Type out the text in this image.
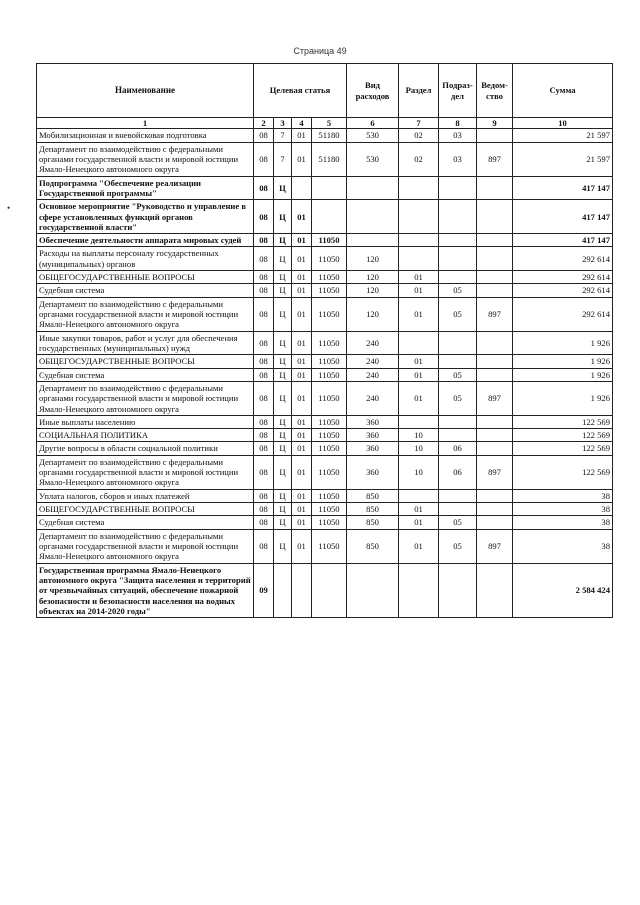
Страница 49
•
Наименование	Целевая статья				Вид расходов	Раздел	Подраз-дел	Ведом-ство	Сумма
1	2	3	4	5	6	7	8	9	10
Мобилизационная и вневойсковая подготовка	08	7	01	51180	530	02	03		21 597
Департамент по взаимодействию с федеральными органами государственной власти и мировой юстиции Ямало-Ненецкого автономного округа	08	7	01	51180	530	02	03	897	21 597
Подпрограмма "Обеспечение реализации Государственной программы"	08	Ц							417 147
Основное мероприятие "Руководство и управление в сфере установленных функций органов государственной власти"	08	Ц	01						417 147
Обеспечение деятельности аппарата мировых судей	08	Ц	01	11050					417 147
Расходы на выплаты персоналу государственных (муниципальных) органов	08	Ц	01	11050	120				292 614
ОБЩЕГОСУДАРСТВЕННЫЕ ВОПРОСЫ	08	Ц	01	11050	120	01			292 614
Судебная система	08	Ц	01	11050	120	01	05		292 614
Департамент по взаимодействию с федеральными органами государственной власти и мировой юстиции Ямало-Ненецкого автономного округа	08	Ц	01	11050	120	01	05	897	292 614
Иные закупки товаров, работ и услуг для обеспечения государственных (муниципальных) нужд	08	Ц	01	11050	240				1 926
ОБЩЕГОСУДАРСТВЕННЫЕ ВОПРОСЫ	08	Ц	01	11050	240	01			1 926
Судебная система	08	Ц	01	11050	240	01	05		1 926
Департамент по взаимодействию с федеральными органами государственной власти и мировой юстиции Ямало-Ненецкого автономного округа	08	Ц	01	11050	240	01	05	897	1 926
Иные выплаты населению	08	Ц	01	11050	360				122 569
СОЦИАЛЬНАЯ ПОЛИТИКА	08	Ц	01	11050	360	10			122 569
Другие вопросы в области социальной политики	08	Ц	01	11050	360	10	06		122 569
Департамент по взаимодействию с федеральными органами государственной власти и мировой юстиции Ямало-Ненецкого автономного округа	08	Ц	01	11050	360	10	06	897	122 569
Уплата налогов, сборов и иных платежей	08	Ц	01	11050	850				38
ОБЩЕГОСУДАРСТВЕННЫЕ ВОПРОСЫ	08	Ц	01	11050	850	01			38
Судебная система	08	Ц	01	11050	850	01	05		38
Департамент по взаимодействию с федеральными органами государственной власти и мировой юстиции Ямало-Ненецкого автономного округа	08	Ц	01	11050	850	01	05	897	38
Государственная программа Ямало-Ненецкого автономного округа "Защита населения и территорий от чрезвычайных ситуаций, обеспечение пожарной безопасности и безопасности населения на водных объектах на 2014-2020 годы"	09								2 584 424
